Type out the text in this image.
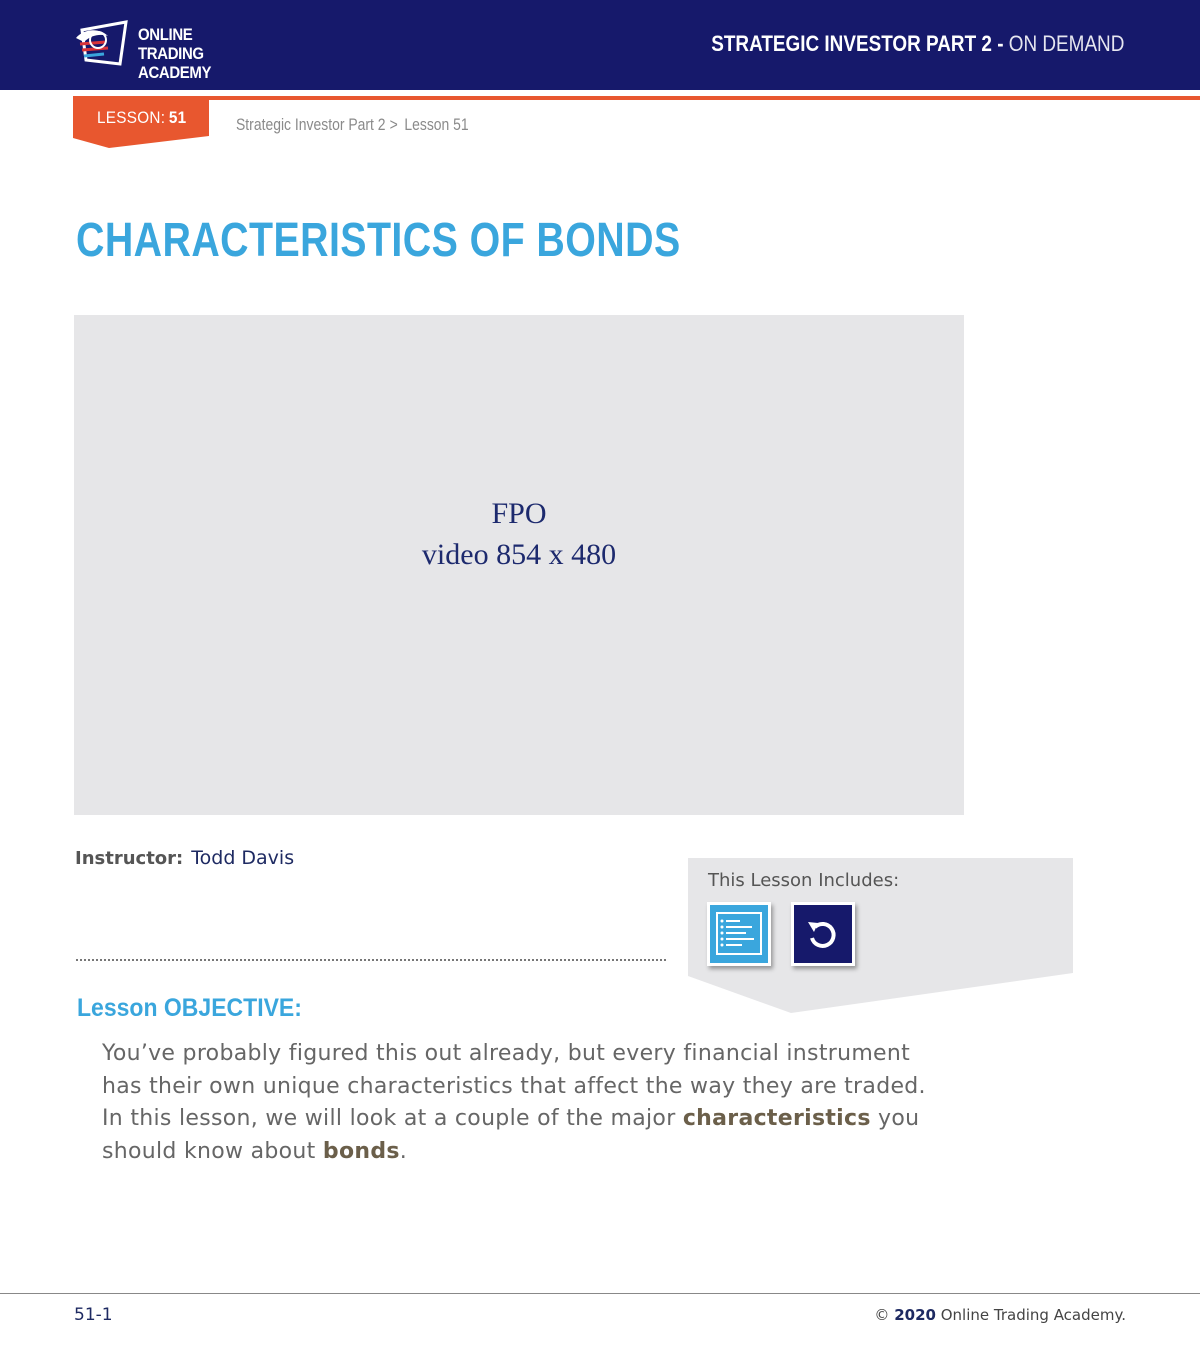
ONLINE TRADING
ACADEMY
STRATEGIC INVESTOR PART 2 - ON DEMAND
LESSON: 51	Strategic Investor Part 2 > Lesson 51
CHARACTERISTICS OF BONDS
FPO
video 854 x 480
Instructor: Todd Davis
This Lesson Includes:
Lesson OBJECTIVE:
You’ve probably figured this out already, but every financial instrument has their own unique characteristics that affect the way they are traded. In this lesson, we will look at a couple of the major characteristics you should know about bonds.
51-1	© 2020 Online Trading Academy.
